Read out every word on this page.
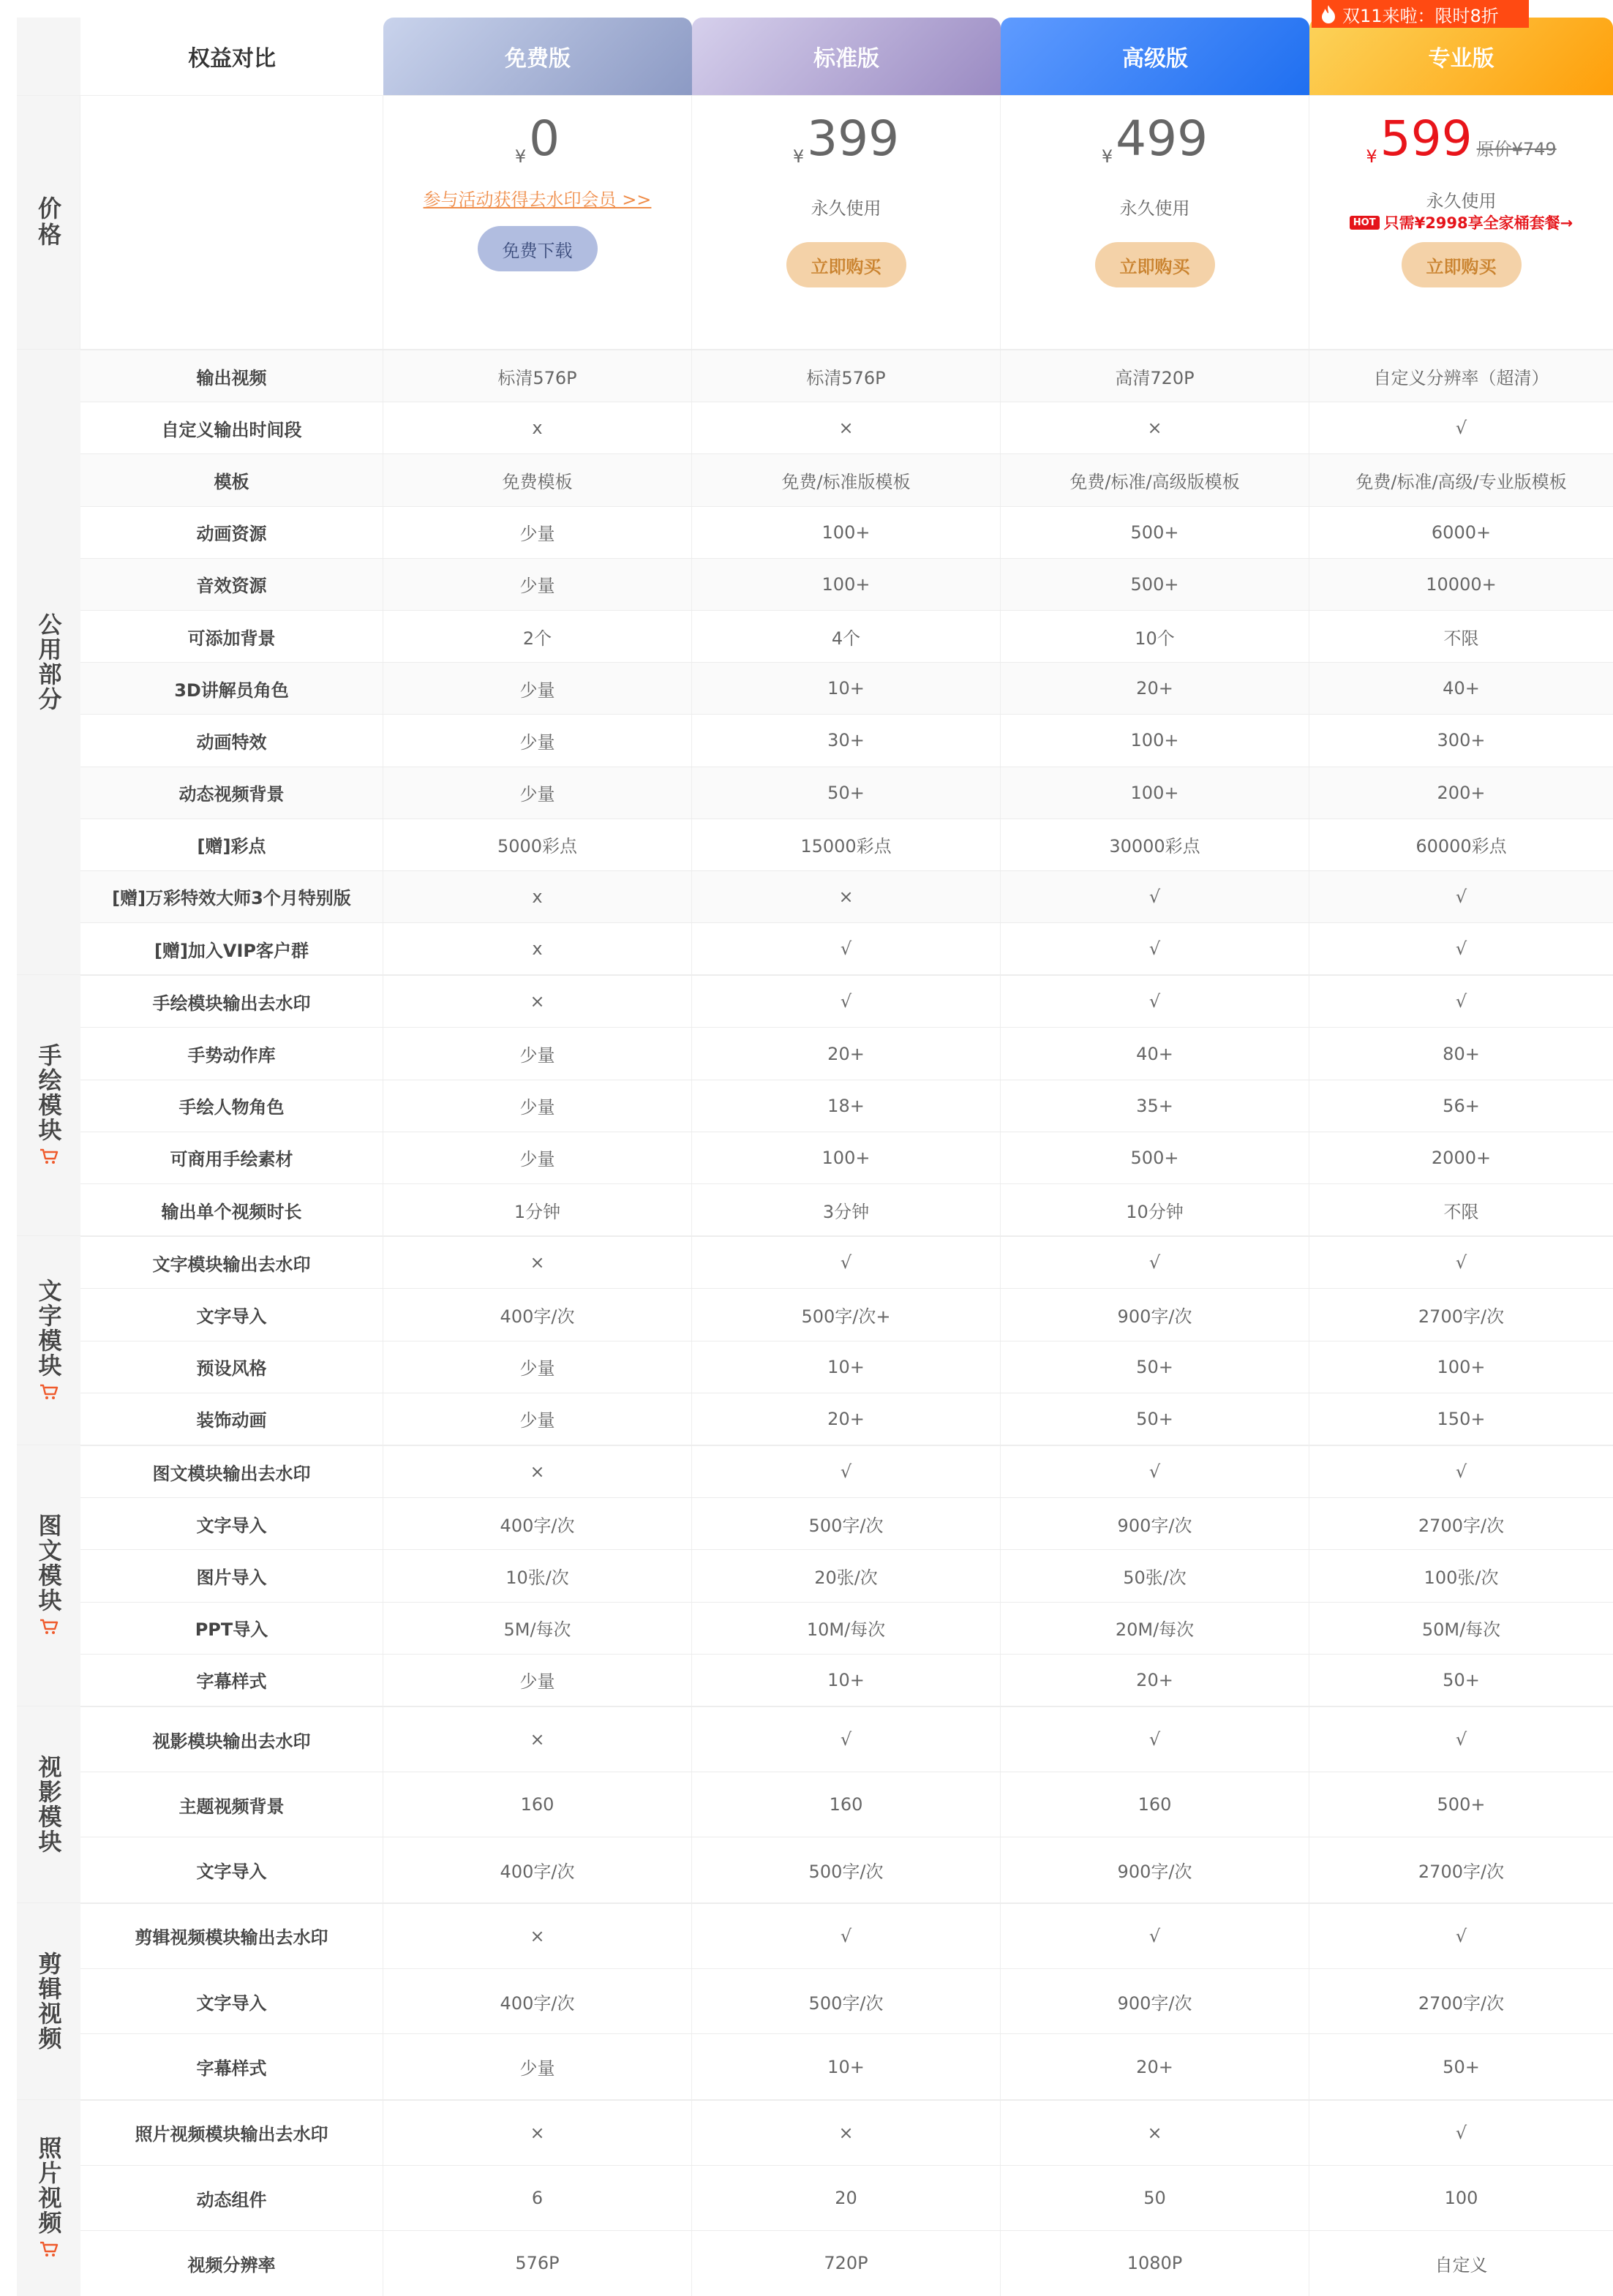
双11来啦：限时8折
权益对比	免费版	标准版	高级版	专业版
价格
¥0
参与活动获得去水印会员 >>
免费下载
¥399
永久使用
立即购买
¥499
永久使用
立即购买
¥599 原价¥749
永久使用
HOT 只需¥2998享全家桶套餐→
立即购买
公用部分
输出视频	标清576P	标清576P	高清720P	自定义分辨率（超清）
自定义输出时间段	x	×	×	√
模板	免费模板	免费/标准版模板	免费/标准/高级版模板	免费/标准/高级/专业版模板
动画资源	少量	100+	500+	6000+
音效资源	少量	100+	500+	10000+
可添加背景	2个	4个	10个	不限
3D讲解员角色	少量	10+	20+	40+
动画特效	少量	30+	100+	300+
动态视频背景	少量	50+	100+	200+
[赠]彩点	5000彩点	15000彩点	30000彩点	60000彩点
[赠]万彩特效大师3个月特别版	x	×	√	√
[赠]加入VIP客户群	x	√	√	√
手绘模块
手绘模块输出去水印	×	√	√	√
手势动作库	少量	20+	40+	80+
手绘人物角色	少量	18+	35+	56+
可商用手绘素材	少量	100+	500+	2000+
输出单个视频时长	1分钟	3分钟	10分钟	不限
文字模块
文字模块输出去水印	×	√	√	√
文字导入	400字/次	500字/次+	900字/次	2700字/次
预设风格	少量	10+	50+	100+
装饰动画	少量	20+	50+	150+
图文模块
图文模块输出去水印	×	√	√	√
文字导入	400字/次	500字/次	900字/次	2700字/次
图片导入	10张/次	20张/次	50张/次	100张/次
PPT导入	5M/每次	10M/每次	20M/每次	50M/每次
字幕样式	少量	10+	20+	50+
视影模块
视影模块输出去水印	×	√	√	√
主题视频背景	160	160	160	500+
文字导入	400字/次	500字/次	900字/次	2700字/次
剪辑视频
剪辑视频模块输出去水印	×	√	√	√
文字导入	400字/次	500字/次	900字/次	2700字/次
字幕样式	少量	10+	20+	50+
照片视频
照片视频模块输出去水印	×	×	×	√
动态组件	6	20	50	100
视频分辨率	576P	720P	1080P	自定义
